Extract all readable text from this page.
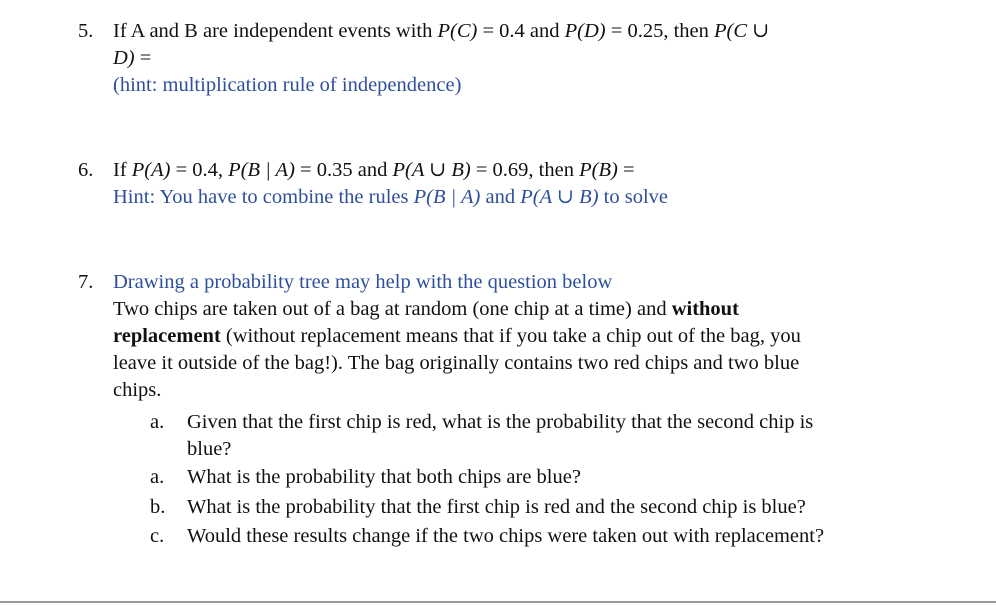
5. If A and B are independent events with P(C) = 0.4 and P(D) = 0.25, then P(C ∪
D) =
(hint: multiplication rule of independence)
6. If P(A) = 0.4, P(B | A) = 0.35 and P(A ∪ B) = 0.69, then P(B) =
Hint: You have to combine the rules P(B | A) and P(A ∪ B) to solve
7. Drawing a probability tree may help with the question below
Two chips are taken out of a bag at random (one chip at a time) and without
replacement (without replacement means that if you take a chip out of the bag, you
leave it outside of the bag!). The bag originally contains two red chips and two blue
chips.
a. Given that the first chip is red, what is the probability that the second chip is
blue?
a. What is the probability that both chips are blue?
b. What is the probability that the first chip is red and the second chip is blue?
c. Would these results change if the two chips were taken out with replacement?
